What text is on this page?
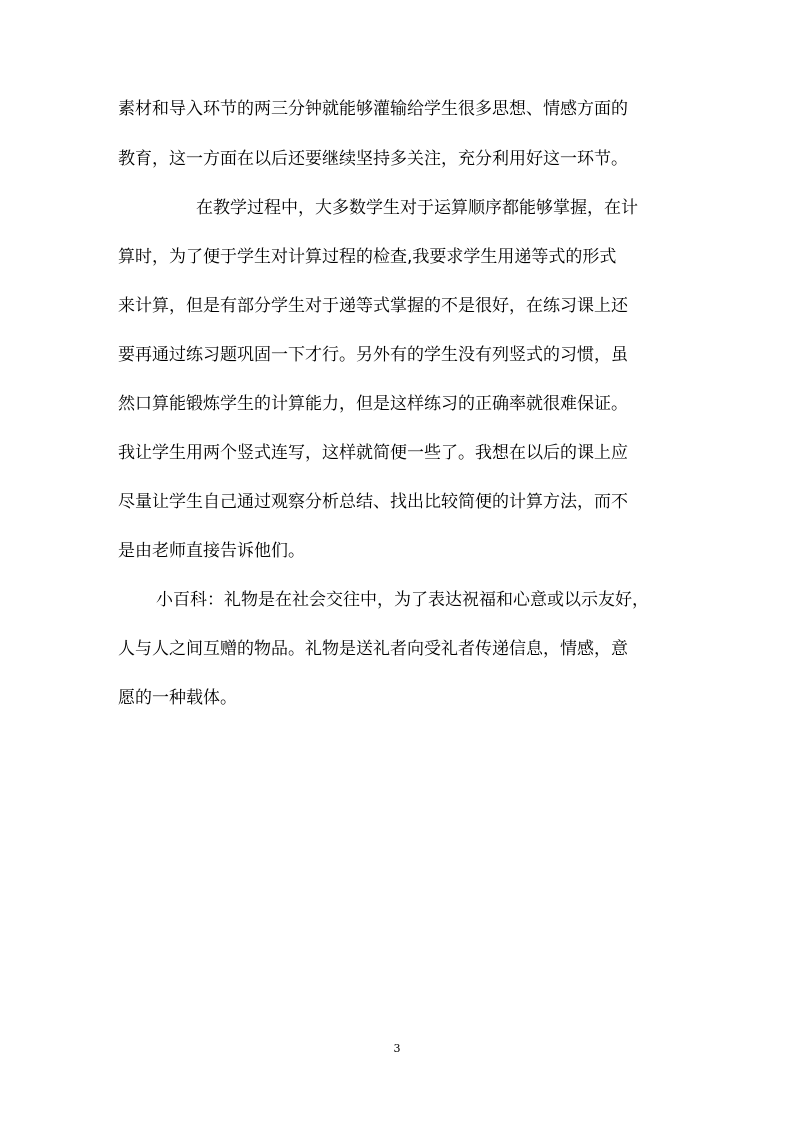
素材和导入环节的两三分钟就能够灌输给学生很多思想、情感方面的
教育，这一方面在以后还要继续坚持多关注，充分利用好这一环节。
在教学过程中，大多数学生对于运算顺序都能够掌握，在计
算时，为了便于学生对计算过程的检查,我要求学生用递等式的形式
来计算，但是有部分学生对于递等式掌握的不是很好，在练习课上还
要再通过练习题巩固一下才行。另外有的学生没有列竖式的习惯，虽
然口算能锻炼学生的计算能力，但是这样练习的正确率就很难保证。
我让学生用两个竖式连写，这样就简便一些了。我想在以后的课上应
尽量让学生自己通过观察分析总结、找出比较简便的计算方法，而不
是由老师直接告诉他们。
小百科：礼物是在社会交往中，为了表达祝福和心意或以示友好，
人与人之间互赠的物品。礼物是送礼者向受礼者传递信息，情感，意
愿的一种载体。
3
